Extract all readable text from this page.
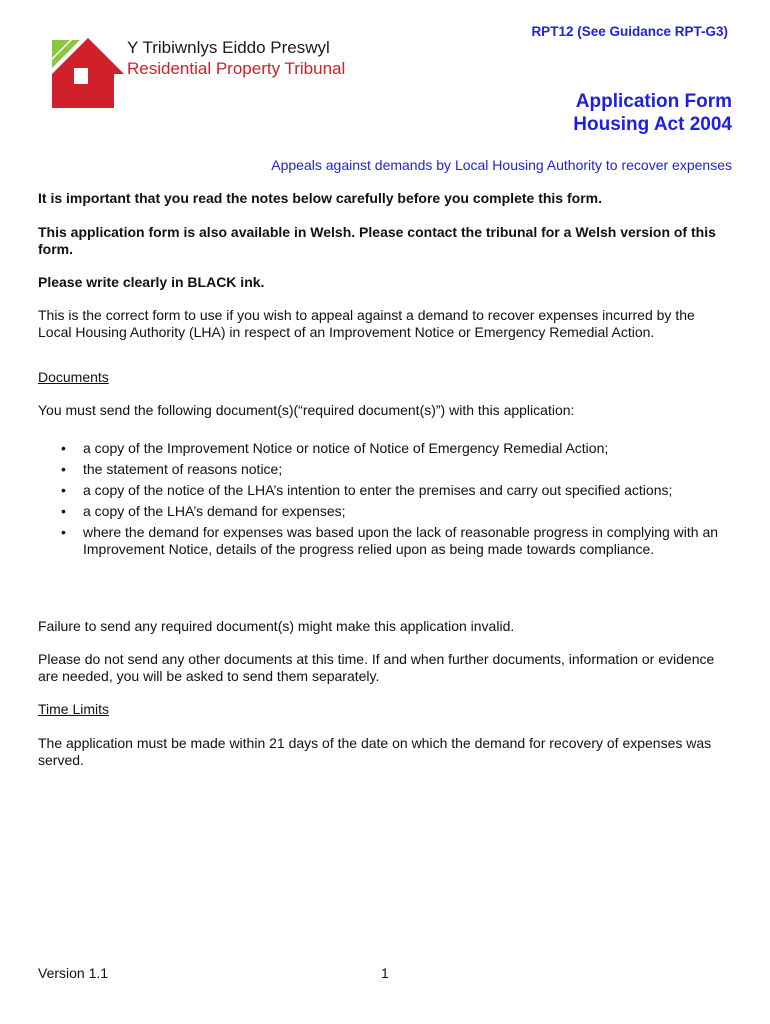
RPT12 (See Guidance RPT-G3)
Y Tribiwnlys Eiddo Preswyl
Residential Property Tribunal
Application Form
Housing Act 2004
Appeals against demands by Local Housing Authority to recover expenses
It is important that you read the notes below carefully before you complete this form.
This application form is also available in Welsh. Please contact the tribunal for a Welsh version of this form.
Please write clearly in BLACK ink.
This is the correct form to use if you wish to appeal against a demand to recover expenses incurred by the Local Housing Authority (LHA) in respect of an Improvement Notice or Emergency Remedial Action.
Documents
You must send the following document(s)(“required document(s)”) with this application:
• a copy of the Improvement Notice or notice of Notice of Emergency Remedial Action;
• the statement of reasons notice;
• a copy of the notice of the LHA’s intention to enter the premises and carry out specified actions;
• a copy of the LHA’s demand for expenses;
• where the demand for expenses was based upon the lack of reasonable progress in complying with an Improvement Notice, details of the progress relied upon as being made towards compliance.
Failure to send any required document(s) might make this application invalid.
Please do not send any other documents at this time. If and when further documents, information or evidence are needed, you will be asked to send them separately.
Time Limits
The application must be made within 21 days of the date on which the demand for recovery of expenses was served.
Version 1.1	1
